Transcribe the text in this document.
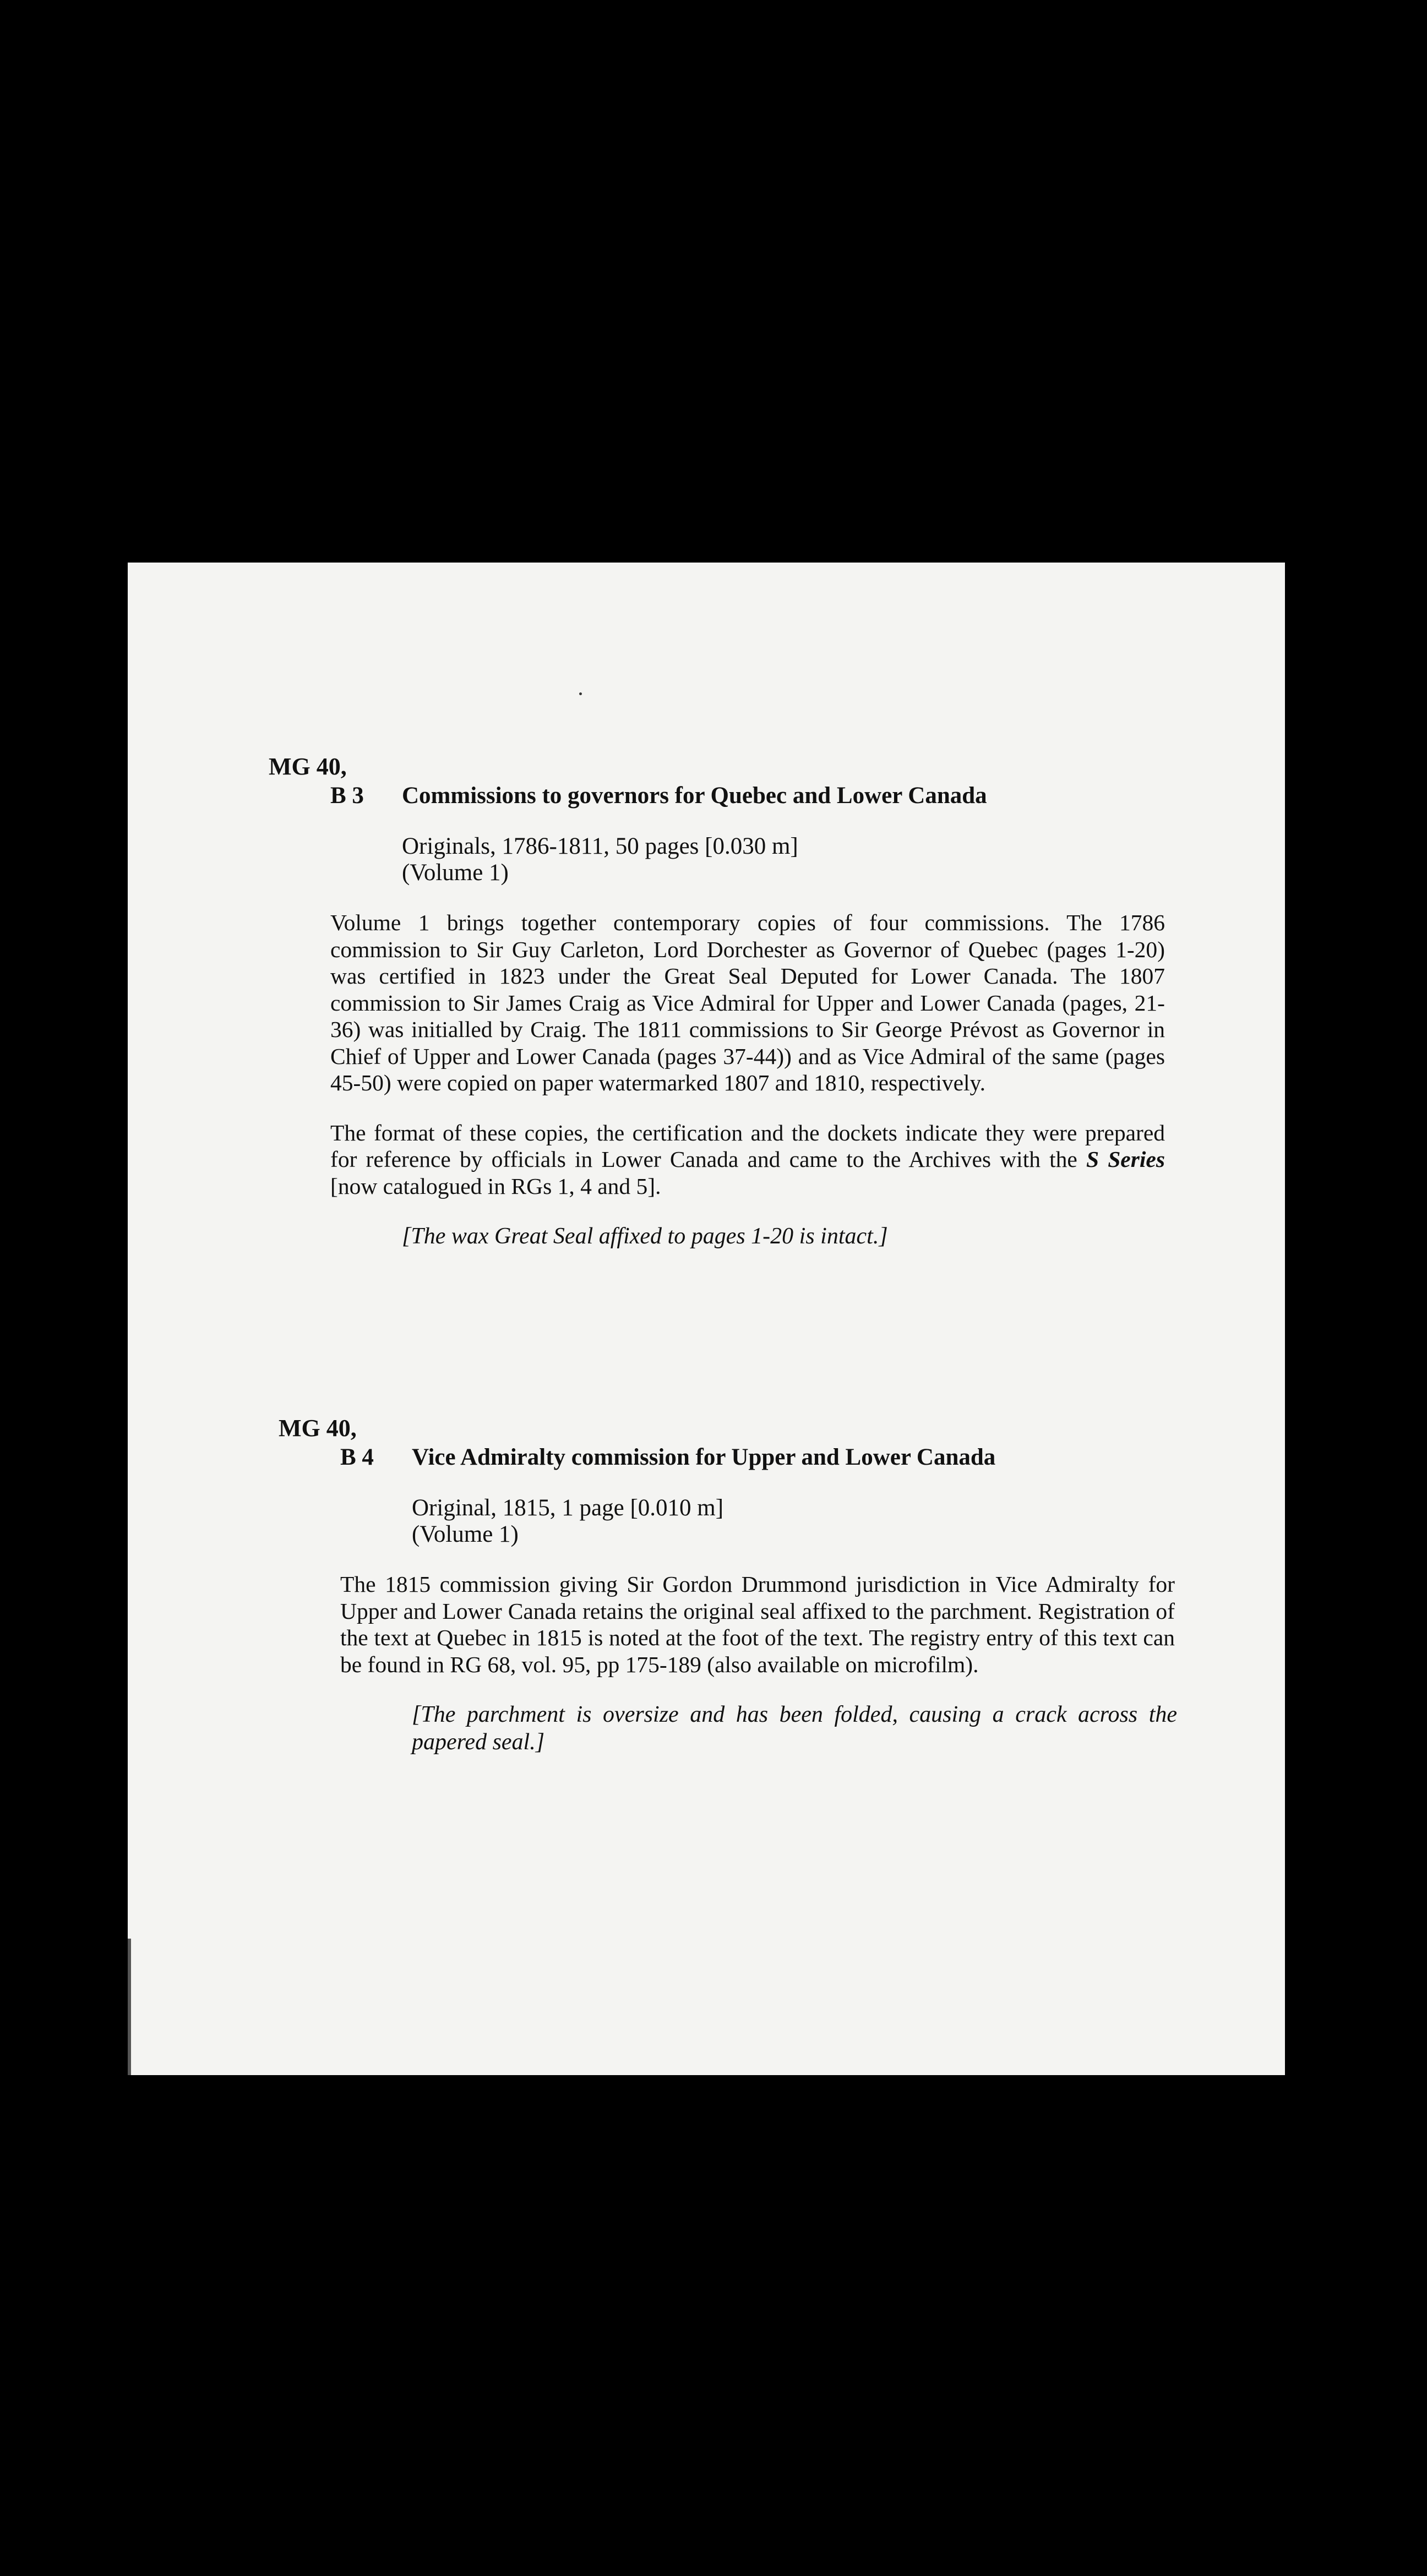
MG 40,
B 3	Commissions to governors for Quebec and Lower Canada
Originals, 1786-1811, 50 pages [0.030 m]
(Volume 1)

Volume 1 brings together contemporary copies of four commissions. The 1786 commission to Sir Guy Carleton, Lord Dorchester as Governor of Quebec (pages 1-20) was certified in 1823 under the Great Seal Deputed for Lower Canada. The 1807 commission to Sir James Craig as Vice Admiral for Upper and Lower Canada (pages, 21-36) was initialled by Craig. The 1811 commissions to Sir George Prévost as Governor in Chief of Upper and Lower Canada (pages 37-44)) and as Vice Admiral of the same (pages 45-50) were copied on paper watermarked 1807 and 1810, respectively.

The format of these copies, the certification and the dockets indicate they were prepared for reference by officials in Lower Canada and came to the Archives with the S Series [now catalogued in RGs 1, 4 and 5].

[The wax Great Seal affixed to pages 1-20 is intact.]
MG 40,
B 4	Vice Admiralty commission for Upper and Lower Canada
Original, 1815, 1 page [0.010 m]
(Volume 1)

The 1815 commission giving Sir Gordon Drummond jurisdiction in Vice Admiralty for Upper and Lower Canada retains the original seal affixed to the parchment. Registration of the text at Quebec in 1815 is noted at the foot of the text. The registry entry of this text can be found in RG 68, vol. 95, pp 175-189 (also available on microfilm).

[The parchment is oversize and has been folded, causing a crack across the papered seal.]
